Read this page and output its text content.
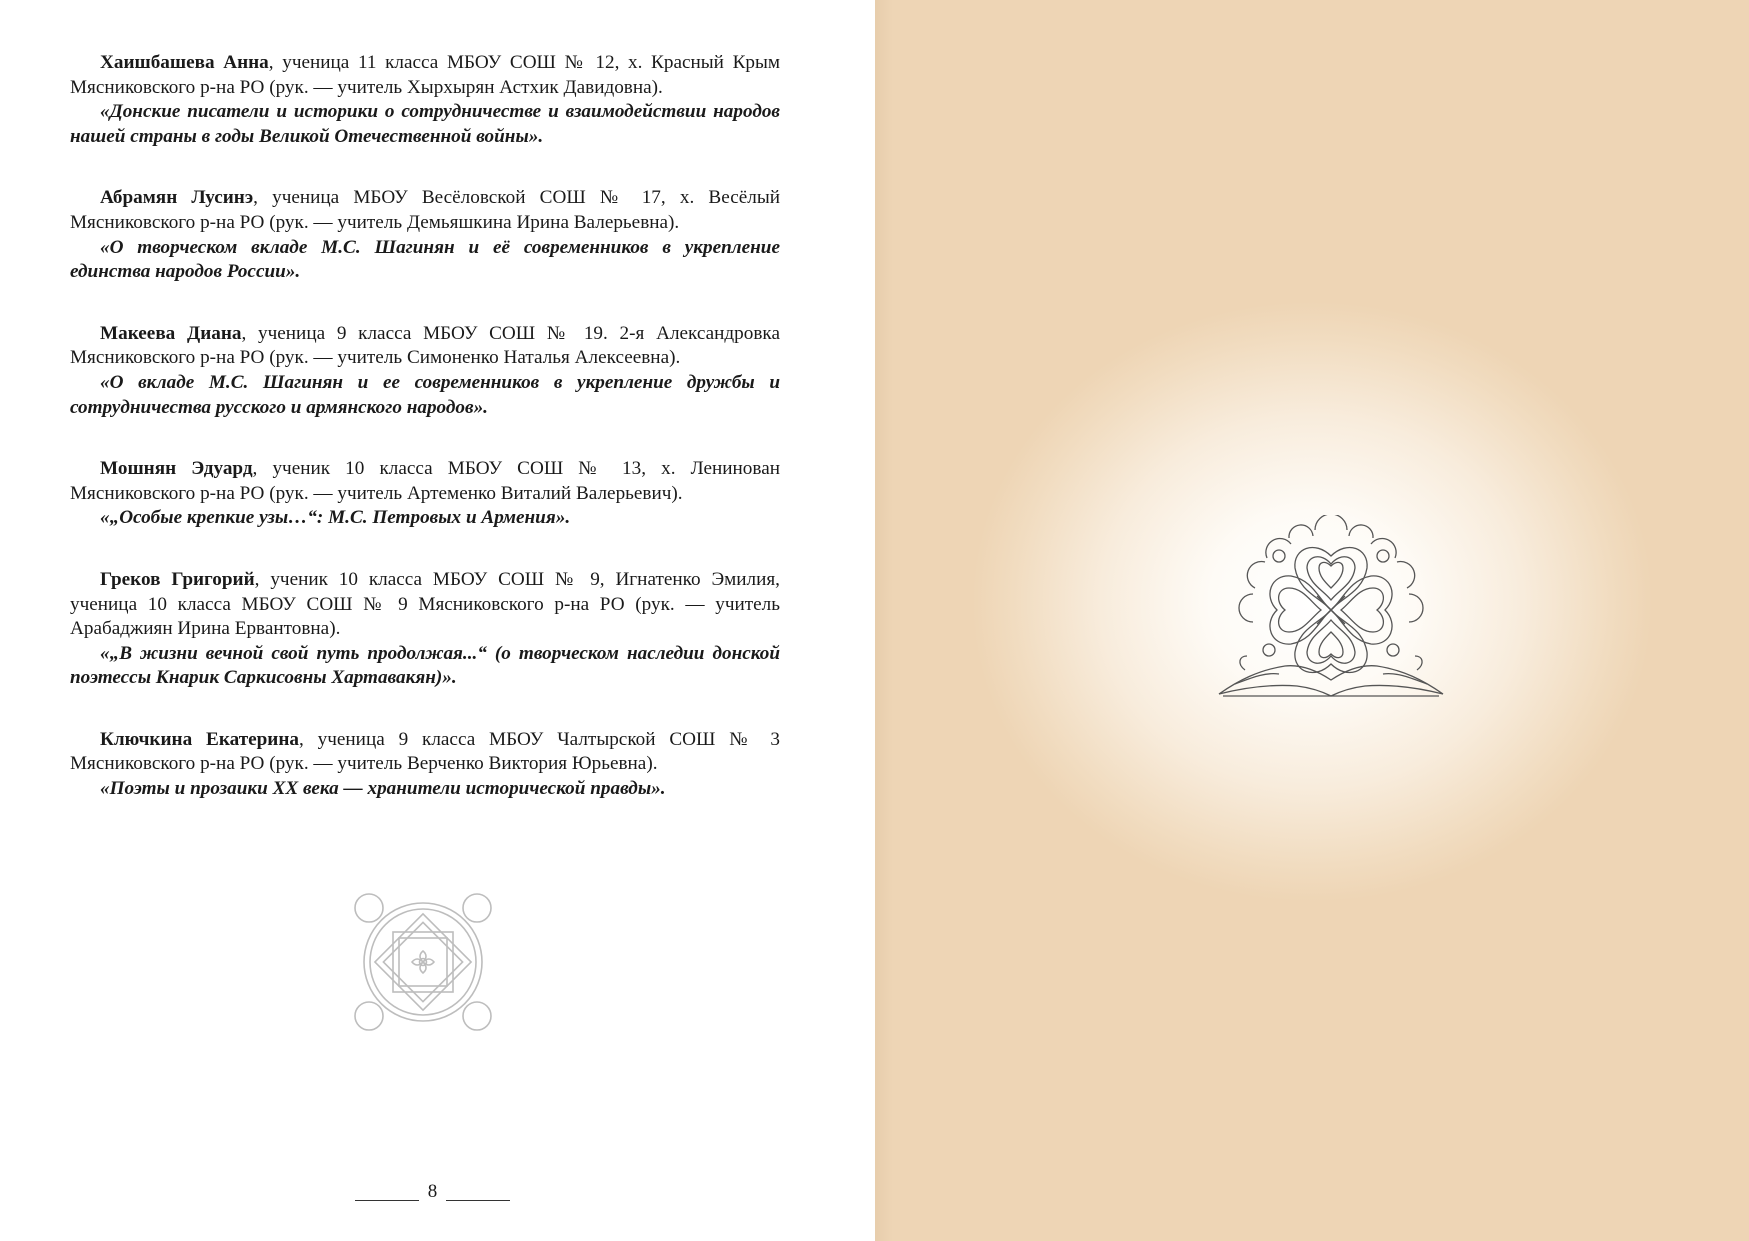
Хаишбашева Анна, ученица 11 класса МБОУ СОШ № 12, х. Красный Крым Мясниковского р-на РО (рук. — учитель Хырхырян Астхик Давидовна).

«Донские писатели и историки о сотрудничестве и взаимодействии народов нашей страны в годы Великой Отечественной войны».

Абрамян Лусинэ, ученица МБОУ Весёловской СОШ № 17, х. Весёлый Мясниковского р-на РО (рук. — учитель Демьяшкина Ирина Валерьевна).

«О творческом вкладе М.С. Шагинян и её современников в укрепление единства народов России».

Макеева Диана, ученица 9 класса МБОУ СОШ № 19. 2-я Александровка Мясниковского р-на РО (рук. — учитель Симоненко Наталья Алексеевна).

«О вкладе М.С. Шагинян и ее современников в укрепление дружбы и сотрудничества русского и армянского народов».

Мошнян Эдуард, ученик 10 класса МБОУ СОШ № 13, х. Ленинован Мясниковского р-на РО (рук. — учитель Артеменко Виталий Валерьевич).

«„Особые крепкие узы…“: М.С. Петровых и Армения».

Греков Григорий, ученик 10 класса МБОУ СОШ № 9, Игнатенко Эмилия, ученица 10 класса МБОУ СОШ № 9 Мясниковского р-на РО (рук. — учитель Арабаджиян Ирина Ервантовна).

«„В жизни вечной свой путь продолжая...“ (о творческом наследии донской поэтессы Кнарик Саркисовны Хартавакян)».

Ключкина Екатерина, ученица 9 класса МБОУ Чалтырской СОШ № 3 Мясниковского р-на РО (рук. — учитель Верченко Виктория Юрьевна).

«Поэты и прозаики XX века — хранители исторической правды».

8
